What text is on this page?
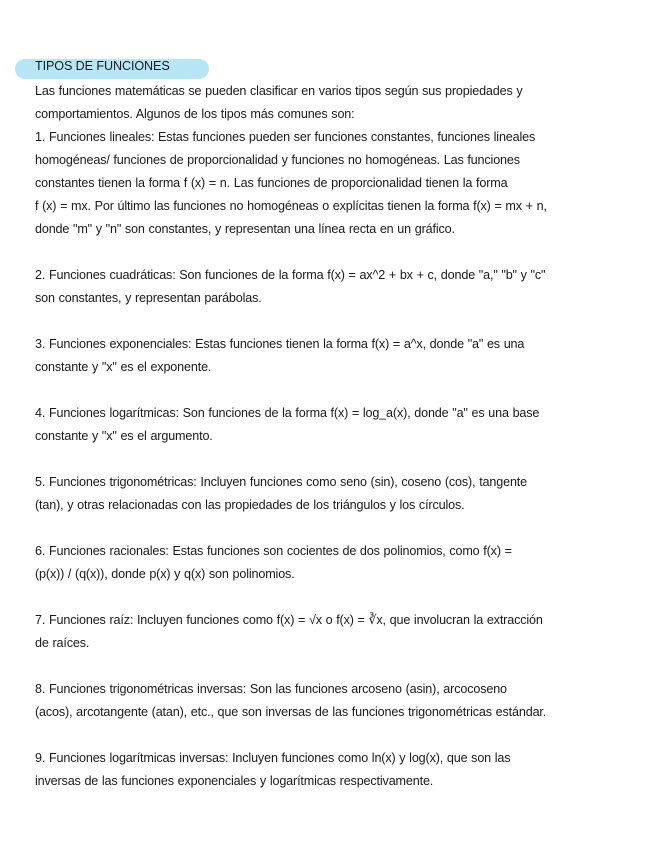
TIPOS DE FUNCIONES

Las funciones matemáticas se pueden clasificar en varios tipos según sus propiedades y
comportamientos. Algunos de los tipos más comunes son:

1. Funciones lineales: Estas funciones pueden ser funciones constantes, funciones lineales
homogéneas/ funciones de proporcionalidad y funciones no homogéneas. Las funciones
constantes tienen la forma f (x) = n. Las funciones de proporcionalidad tienen la forma
f (x) = mx. Por último las funciones no homogéneas o explícitas tienen la forma f(x) = mx + n,
donde "m" y "n" son constantes, y representan una línea recta en un gráfico.

2. Funciones cuadráticas: Son funciones de la forma f(x) = ax^2 + bx + c, donde "a," "b" y "c"
son constantes, y representan parábolas.

3. Funciones exponenciales: Estas funciones tienen la forma f(x) = a^x, donde "a" es una
constante y "x" es el exponente.

4. Funciones logarítmicas: Son funciones de la forma f(x) = log_a(x), donde "a" es una base
constante y "x" es el argumento.

5. Funciones trigonométricas: Incluyen funciones como seno (sin), coseno (cos), tangente
(tan), y otras relacionadas con las propiedades de los triángulos y los círculos.

6. Funciones racionales: Estas funciones son cocientes de dos polinomios, como f(x) =
(p(x)) / (q(x)), donde p(x) y q(x) son polinomios.

7. Funciones raíz: Incluyen funciones como f(x) = √x o f(x) = ∛x, que involucran la extracción
de raíces.

8. Funciones trigonométricas inversas: Son las funciones arcoseno (asin), arcocoseno
(acos), arcotangente (atan), etc., que son inversas de las funciones trigonométricas estándar.

9. Funciones logarítmicas inversas: Incluyen funciones como ln(x) y log(x), que son las
inversas de las funciones exponenciales y logarítmicas respectivamente.
